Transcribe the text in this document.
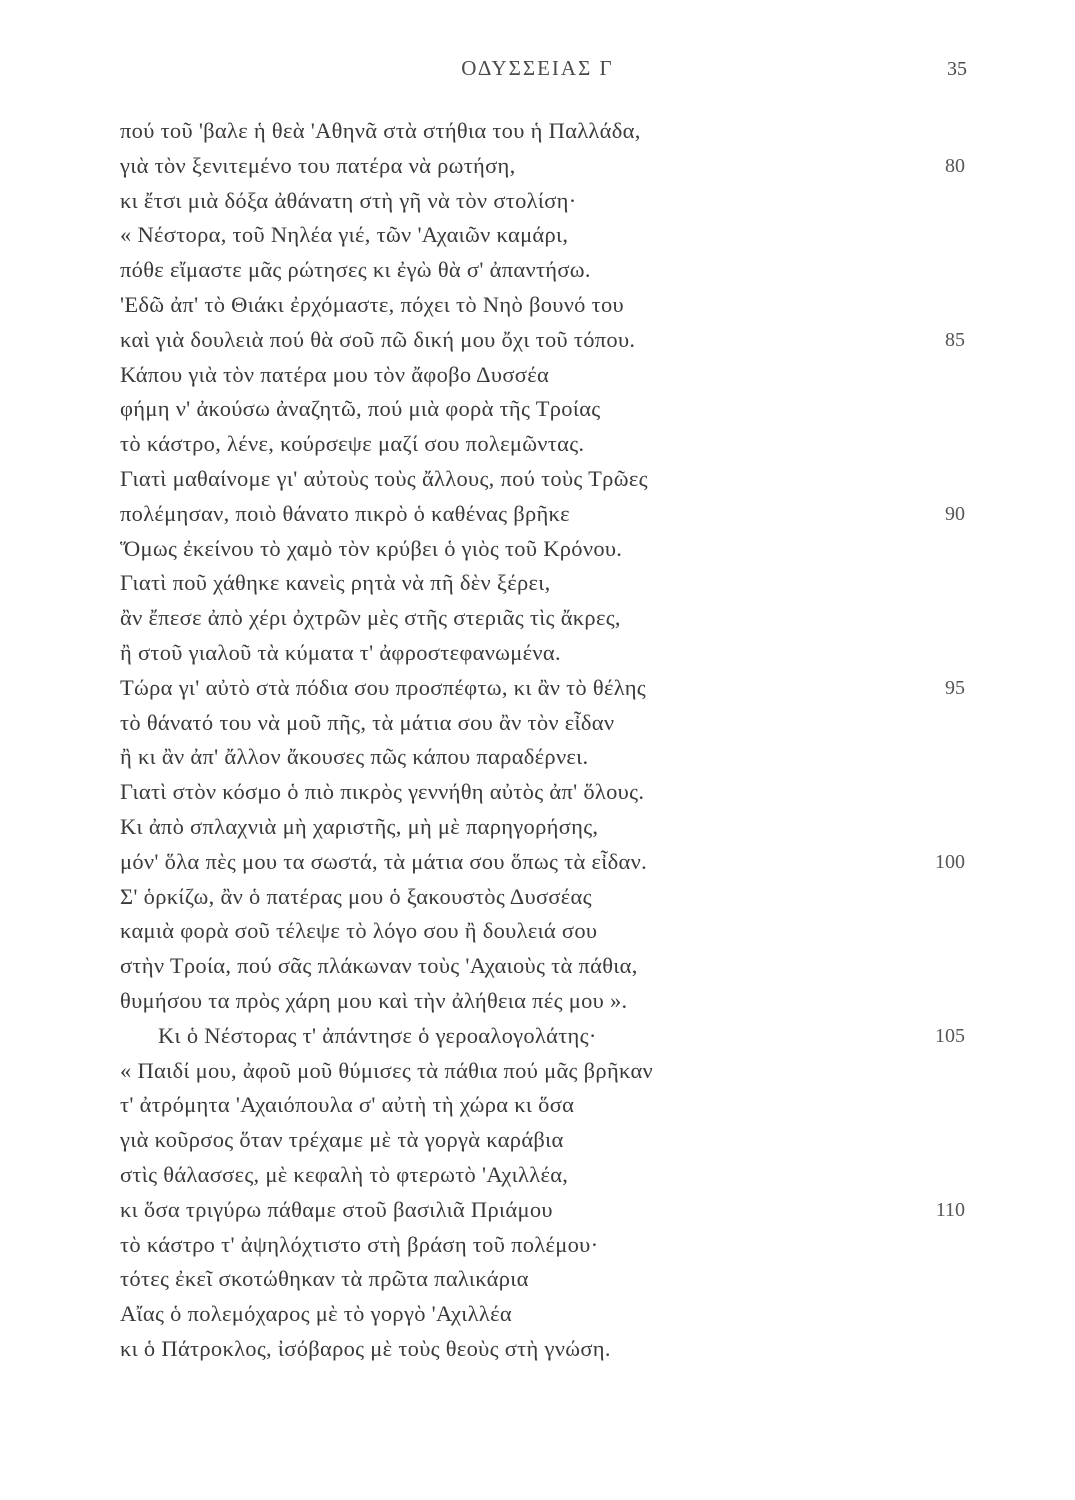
ΟΔΥΣΣΕΙΑΣ Γ	35
πού τοῦ 'βαλε ἡ θεὰ 'Αθηνᾶ στὰ στήθια του ἡ Παλλάδα,
γιὰ τὸν ξενιτεμένο του πατέρα νὰ ρωτήση,	80
κι ἔτσι μιὰ δόξα ἀθάνατη στὴ γῆ νὰ τὸν στολίση·
« Νέστορα, τοῦ Νηλέα γιέ, τῶν 'Αχαιῶν καμάρι,
πόθε εἴμαστε μᾶς ρώτησες κι ἐγὼ θὰ σ' ἀπαντήσω.
'Εδῶ ἀπ' τὸ Θιάκι ἐρχόμαστε, πόχει τὸ Νηὸ βουνό του
καὶ γιὰ δουλειὰ πού θὰ σοῦ πῶ δική μου ὄχι τοῦ τόπου.	85
Κάπου γιὰ τὸν πατέρα μου τὸν ἄφοβο Δυσσέα
φήμη ν' ἀκούσω ἀναζητῶ, πού μιὰ φορὰ τῆς Τροίας
τὸ κάστρο, λένε, κούρσεψε μαζί σου πολεμῶντας.
Γιατὶ μαθαίνομε γι' αὐτοὺς τοὺς ἄλλους, πού τοὺς Τρῶες
πολέμησαν, ποιὸ θάνατο πικρὸ ὁ καθένας βρῆκε	90
Ὅμως ἐκείνου τὸ χαμὸ τὸν κρύβει ὁ γιὸς τοῦ Κρόνου.
Γιατὶ ποῦ χάθηκε κανεὶς ρητὰ νὰ πῆ δὲν ξέρει,
ἂν ἔπεσε ἀπὸ χέρι ὀχτρῶν μὲς στῆς στεριᾶς τὶς ἄκρες,
ἢ στοῦ γιαλοῦ τὰ κύματα τ' ἀφροστεφανωμένα.
Τώρα γι' αὐτὸ στὰ πόδια σου προσπέφτω, κι ἂν τὸ θέλης	95
τὸ θάνατό του νὰ μοῦ πῆς, τὰ μάτια σου ἂν τὸν εἶδαν
ἢ κι ἂν ἀπ' ἄλλον ἄκουσες πῶς κάπου παραδέρνει.
Γιατὶ στὸν κόσμο ὁ πιὸ πικρὸς γεννήθη αὐτὸς ἀπ' ὅλους.
Κι ἀπὸ σπλαχνιὰ μὴ χαριστῆς, μὴ μὲ παρηγορήσης,
μόν' ὅλα πὲς μου τα σωστά, τὰ μάτια σου ὅπως τὰ εἶδαν.	100
Σ' ὁρκίζω, ἂν ὁ πατέρας μου ὁ ξακουστὸς Δυσσέας
καμιὰ φορὰ σοῦ τέλεψε τὸ λόγο σου ἢ δουλειά σου
στὴν Τροία, πού σᾶς πλάκωναν τοὺς 'Αχαιοὺς τὰ πάθια,
θυμήσου τα πρὸς χάρη μου καὶ τὴν ἀλήθεια πές μου ».
Κι ὁ Νέστορας τ' ἀπάντησε ὁ γεροαλογολάτης·	105
« Παιδί μου, ἀφοῦ μοῦ θύμισες τὰ πάθια πού μᾶς βρῆκαν
τ' ἀτρόμητα 'Αχαιόπουλα σ' αὐτὴ τὴ χώρα κι ὅσα
γιὰ κοῦρσος ὅταν τρέχαμε μὲ τὰ γοργὰ καράβια
στὶς θάλασσες, μὲ κεφαλὴ τὸ φτερωτὸ 'Αχιλλέα,
κι ὅσα τριγύρω πάθαμε στοῦ βασιλιᾶ Πριάμου	110
τὸ κάστρο τ' ἀψηλόχτιστο στὴ βράση τοῦ πολέμου·
τότες ἐκεῖ σκοτώθηκαν τὰ πρῶτα παλικάρια
Αἴας ὁ πολεμόχαρος μὲ τὸ γοργὸ 'Αχιλλέα
κι ὁ Πάτροκλος, ἰσόβαρος μὲ τοὺς θεοὺς στὴ γνώση.
